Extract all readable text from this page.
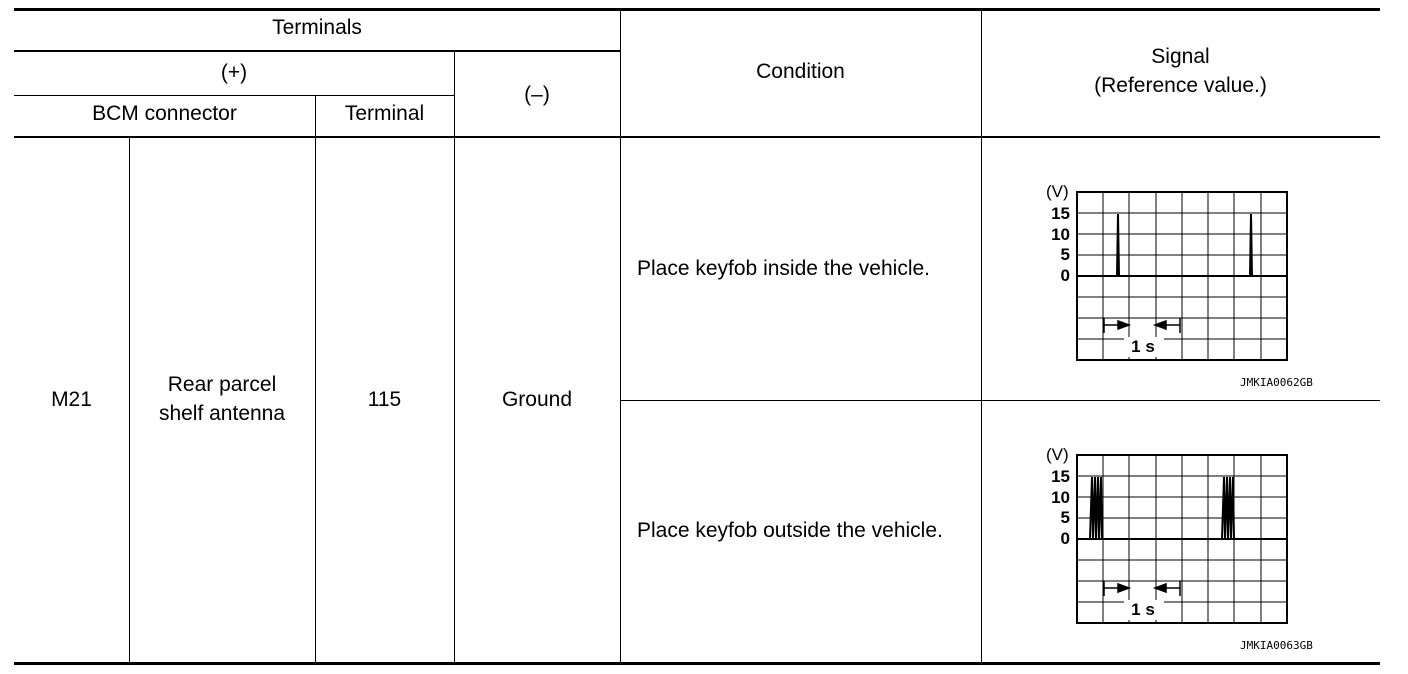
Terminals
(+)
(–)
BCM connector	Terminal
Condition
Signal
(Reference value.)
M21
Rear parcel
shelf antenna
115	Ground
Place keyfob inside the vehicle.
Place keyfob outside the vehicle.
(V)
15
10
5
0
1 s
JMKIA0062GB
(V)
15
10
5
0
1 s
JMKIA0063GB
